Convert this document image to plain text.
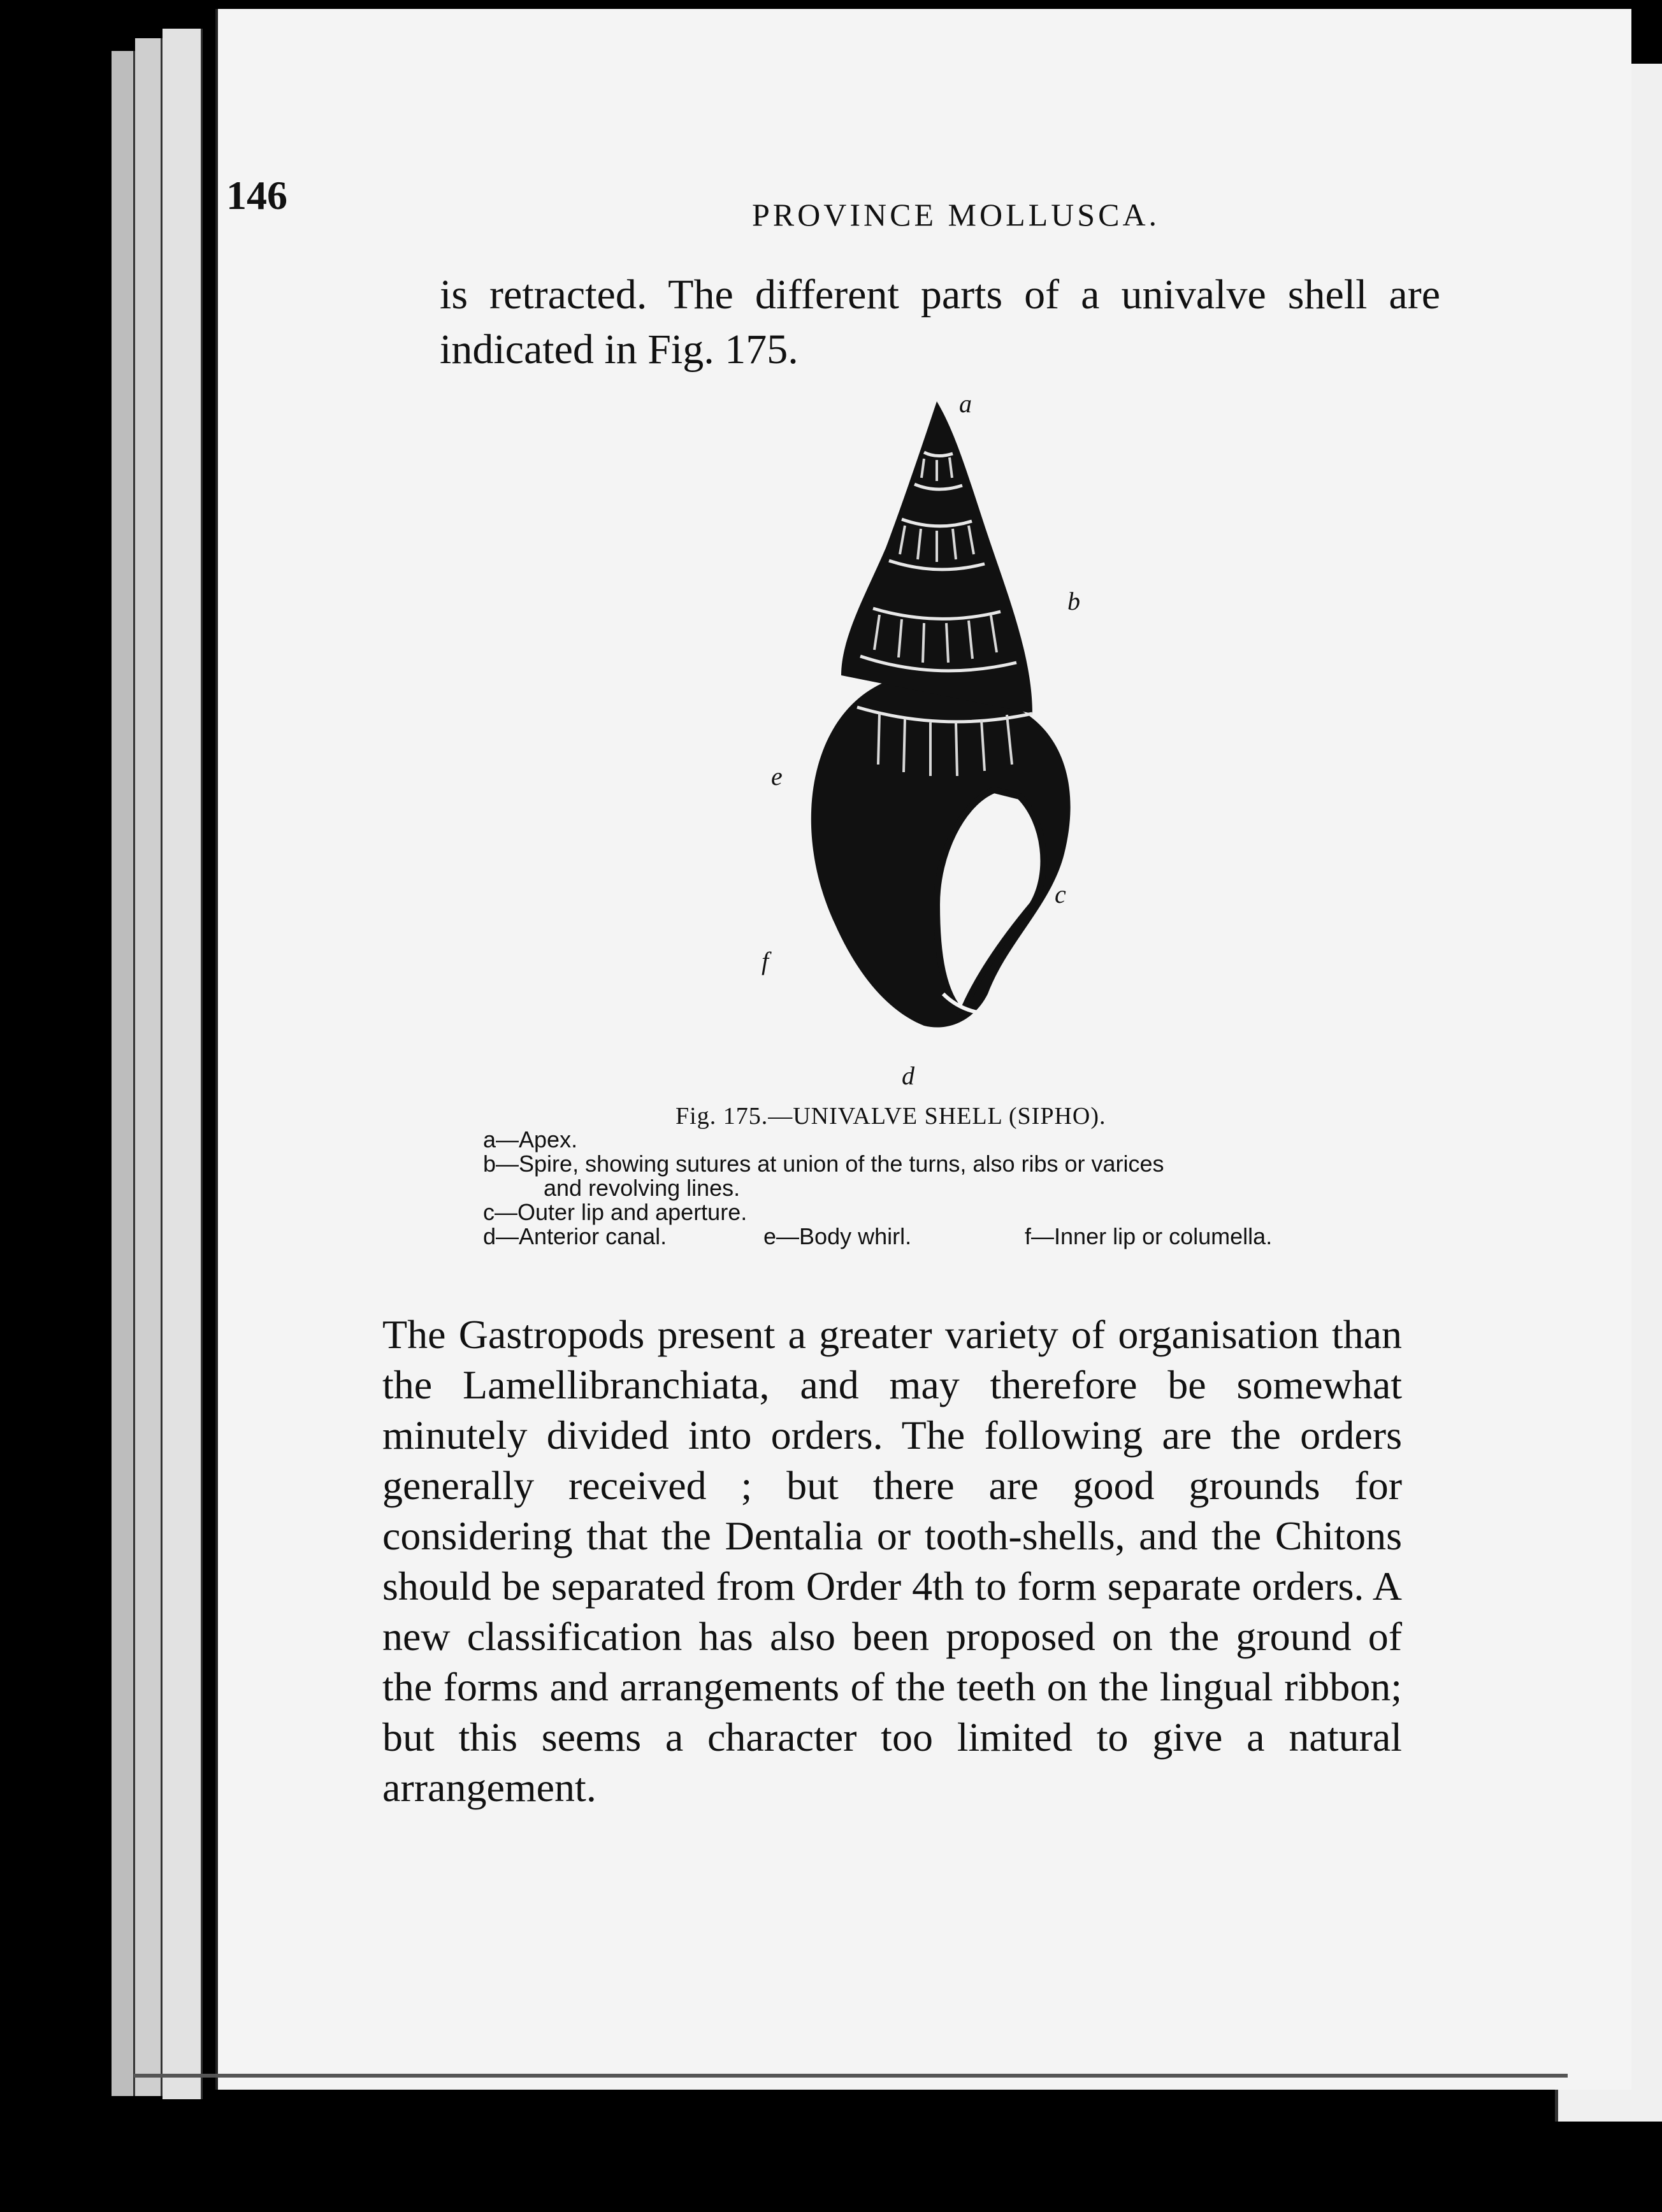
146	PROVINCE MOLLUSCA.

is retracted. The different parts of a univalve shell are indicated in Fig. 175.

a
b
e
c
f
d
Fig. 175.—UNIVALVE SHELL (SIPHO).
a—Apex.
b—Spire, showing sutures at union of the turns, also ribs or varices
and revolving lines.
c—Outer lip and aperture.
d—Anterior canal.	e—Body whirl.	f—Inner lip or columella.

The Gastropods present a greater variety of organisation than the Lamellibranchiata, and may therefore be somewhat minutely divided into orders. The following are the orders generally received ; but there are good grounds for considering that the Dentalia or tooth-shells, and the Chitons should be separated from Order 4th to form separate orders. A new classification has also been proposed on the ground of the forms and arrangements of the teeth on the lingual ribbon; but this seems a character too limited to give a natural arrangement.
